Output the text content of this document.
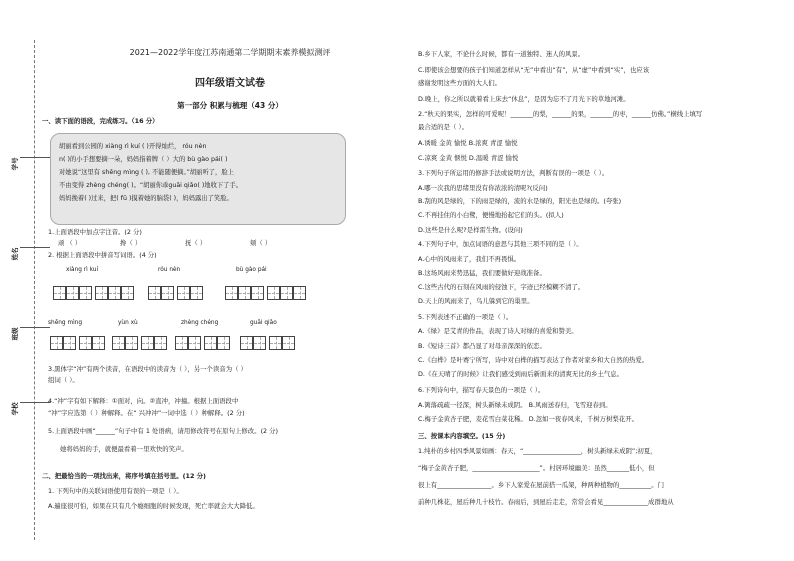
学号
姓名
班级
学校
2021—2022学年度江苏南通第二学期期末素养模拟测评
四年级语文试卷
第一部分 积累与梳理（43 分）
一、读下面的语段，完成练习。（16 分）
胡丽看到公园的 xiàng rì kuí ( )开得灿烂， róu nèn
n( )的小手想要摘一朵，妈妈指着牌（ ）大的 bù gào pái( )
对她说“这里有 shēng mìng ( ), 不能随便摘。”胡丽听了，脸上
不由变得 zhèng chéng( )。“胡丽你乖guāi qiǎo( )地收下了手。
妈妈挽着( )过来，把( fū )摸着她的脑袋( )，妈妈露出了笑脸。
1.上面语段中加点字注音。(2 分)
顽 （ ）	搀（ ）	抚（ ）	颊（ ）
2. 根据上面语段中拼音写词语。(4 分)
xiàng rì kuí	róu nèn	bù gào pái
shēng mìng	yùn xù	zhèng chéng	guāi qiǎo
3.黑体字“冲”有两个读音，在语段中的读音为（ ），另一个读音为（ ）
组词（ ）。
4.“冲”字有如下解释：①面对，向。②直冲，冲撞。根据上面语段中
“冲”字应选第（ ）种解释。在“ 兴冲冲”一词中选（ ）种解释。(2 分)
5.上面语段中画“______”句子中有 1 处语病，请用修改符号在原句上修改。(2 分)
她将妈妈的手，就便最看着一里欢快的笑声。
二、把最恰当的一项找出来，将序号填在括号里。(12 分)
1. 下列句中的关联词语使用有误的一项是（ ）。
A.遍座很可怕，如果在只有几个瘾细胞的时候发现，死亡率就会大大降低。
B.乡下人家，不论什么时候，都有一道独特、迷人的风景。
C.即使该会想要的孩子们知道怎样从“无”中看出“有”，从“虚”中看到“实”，也应该
感谢发明这些方面的大人们。
D.晚上，你之所以就着看上床去“休息”，是因为忘不了月光下的草地河滩。
2.“秋天的果实，怎样的可爱呢！_______的梨，______的果，_______的枣，______仿佛。”横线上填写
最合适的是（ ）。
A.诱暖 金黄 愉悦 B.浓爽 青涩 愉悦
C.凉爽 金黄 惬悦 D.温暖 青涩 愉悦
3.下列句子所运用的修辞手法或说明方法，判断有误的一项是（ ）。
A.哪一次我的思绪里没有你浓浓的清呢?(反问)
B.刮的风是绿的，下的雨是绿的，流的水是绿的，阳光也是绿的。(夸张)
C.不再挂住的小白鹭，便慢地抬起它们的头。(拟人)
D.这些是什么呢?是样雷生物。(设问)
4.下列句子中，加点词语的意思与其他三项不同的是（ ）。
A.心中的风雨来了，我们不再畏惧。
B.这场风雨来势迅猛，我们要做好迎战准备。
C.这些古代的石刻在风雨的侵蚀下，字迹已经模糊不清了。
D.天上的风雨来了，鸟儿躲到它的巢里。
5.下列表述不正确的一项是（ ）。
A.《绿》是艾青的作品，表现了诗人对绿的喜爱和赞美。
B.《短诗三首》都凸显了对母亲深深的依恋。
C.《白桦》是叶赛宁所写，诗中对白桦的描写表达了作者对家乡和大自然的热爱。
D.《在天晴了的时候》让我们感受到雨后新面来的清爽无比的乡土气息。
6.下列诗句中，描写春天景色的一项是（ ）。
A.篱落疏疏一径深，树头新绿未成阴。 B.风雨送春归，飞雪迎春到。
C.梅子金黄杏子肥，麦花雪白菜花稀。 D.忽如一夜春风来，千树万树梨花开。
三、按课本内容填空。(15 分)
1.纯朴的乡村四季风景如画：春天，“__________________，树头新绿未成阴”;初夏，
“梅子金黄杏子肥，_____________________”。村居环境幽美：虽然_______低小，但
很上有_________________。乡下人家爱在屋前搭一瓜架，种两种植物的__________。门
前种几株花，屋后种几十枝竹。春雨后，到屋后走走，常常会看见______________成群地从
